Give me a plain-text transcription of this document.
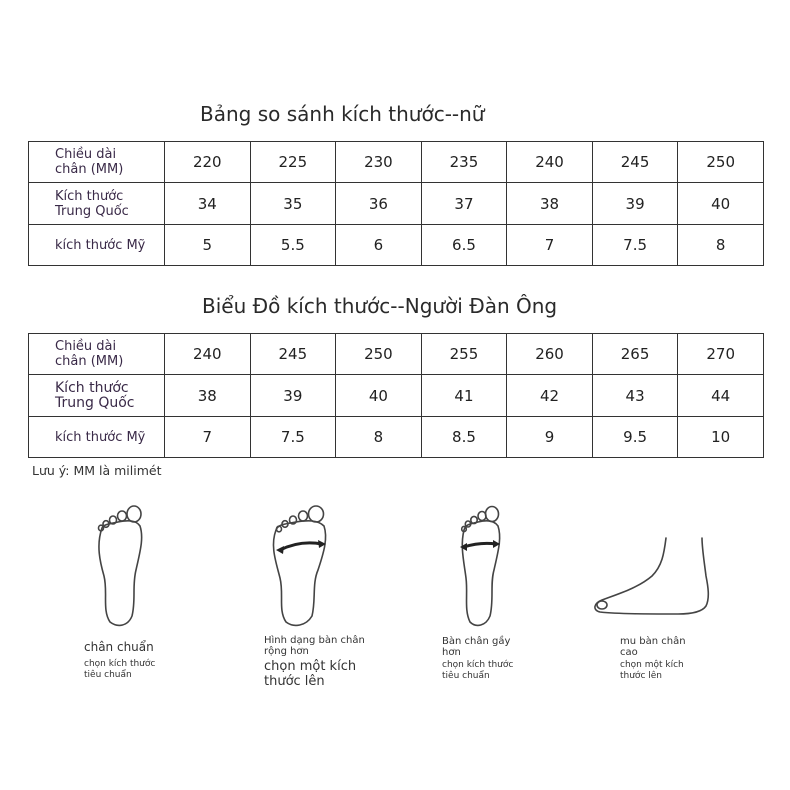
Bảng so sánh kích thước--nữ
Chiều dài
chân (MM)	220	225	230	235	240	245	250
Kích thước
Trung Quốc	34	35	36	37	38	39	40
kích thước Mỹ	5	5.5	6	6.5	7	7.5	8
Biểu Đồ kích thước--Người Đàn Ông
Chiều dài
chân (MM)	240	245	250	255	260	265	270
Kích thước
Trung Quốc	38	39	40	41	42	43	44
kích thước Mỹ	7	7.5	8	8.5	9	9.5	10
Lưu ý: MM là milimét
chân chuẩn
chọn kích thước
tiêu chuẩn
Hình dạng bàn chân
rộng hơn
chọn một kích
thước lên
Bàn chân gầy
hơn
chọn kích thước
tiêu chuẩn
mu bàn chân
cao
chọn một kích
thước lên
